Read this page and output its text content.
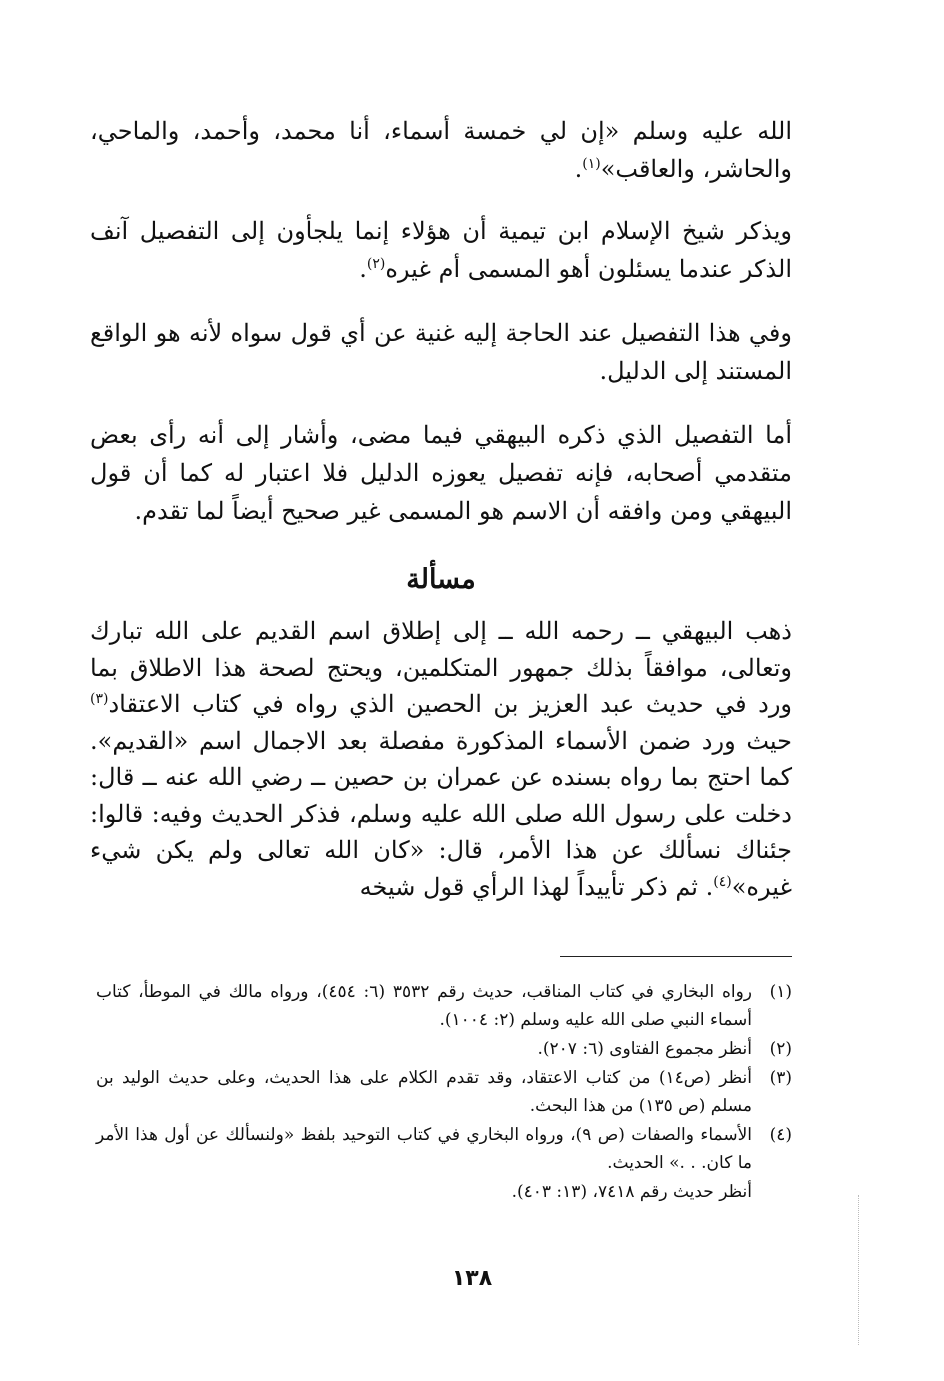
الله عليه وسلم «إن لي خمسة أسماء، أنا محمد، وأحمد، والماحي، والحاشر، والعاقب»$^{(١)}$.

ويذكر شيخ الإسلام ابن تيمية أن هؤلاء إنما يلجأون إلى التفصيل آنف الذكر عندما يسئلون أهو المسمى أم غيره$^{(٢)}$.

وفي هذا التفصيل عند الحاجة إليه غنية عن أي قول سواه لأنه هو الواقع المستند إلى الدليل.

أما التفصيل الذي ذكره البيهقي فيما مضى، وأشار إلى أنه رأى بعض متقدمي أصحابه، فإنه تفصيل يعوزه الدليل فلا اعتبار له كما أن قول البيهقي ومن وافقه أن الاسم هو المسمى غير صحيح أيضاً لما تقدم.

مسألة

ذهب البيهقي ــ رحمه الله ــ إلى إطلاق اسم القديم على الله تبارك وتعالى، موافقاً بذلك جمهور المتكلمين، ويحتج لصحة هذا الاطلاق بما ورد في حديث عبد العزيز بن الحصين الذي رواه في كتاب الاعتقاد$^{(٣)}$ حيث ورد ضمن الأسماء المذكورة مفصلة بعد الاجمال اسم «القديم». كما احتج بما رواه بسنده عن عمران بن حصين ــ رضي الله عنه ــ قال: دخلت على رسول الله صلى الله عليه وسلم، فذكر الحديث وفيه: قالوا: جئناك نسألك عن هذا الأمر، قال: «كان الله تعالى ولم يكن شيء غيره»$^{(٤)}$. ثم ذكر تأييداً لهذا الرأي قول شيخه

(١)
رواه البخاري في كتاب المناقب، حديث رقم ٣٥٣٢ (٦: ٤٥٤)، ورواه مالك في الموطأ، كتاب أسماء النبي صلى الله عليه وسلم (٢: ١٠٠٤).
(٢)
أنظر مجموع الفتاوى (٦: ٢٠٧).
(٣)
أنظر (ص١٤) من كتاب الاعتقاد، وقد تقدم الكلام على هذا الحديث، وعلى حديث الوليد بن مسلم (ص ١٣٥) من هذا البحث.
(٤)
الأسماء والصفات (ص ٩)، ورواه البخاري في كتاب التوحيد بلفظ «ولنسألك عن أول هذا الأمر ما كان. . .» الحديث.
أنظر حديث رقم ٧٤١٨، (١٣: ٤٠٣).
١٣٨
